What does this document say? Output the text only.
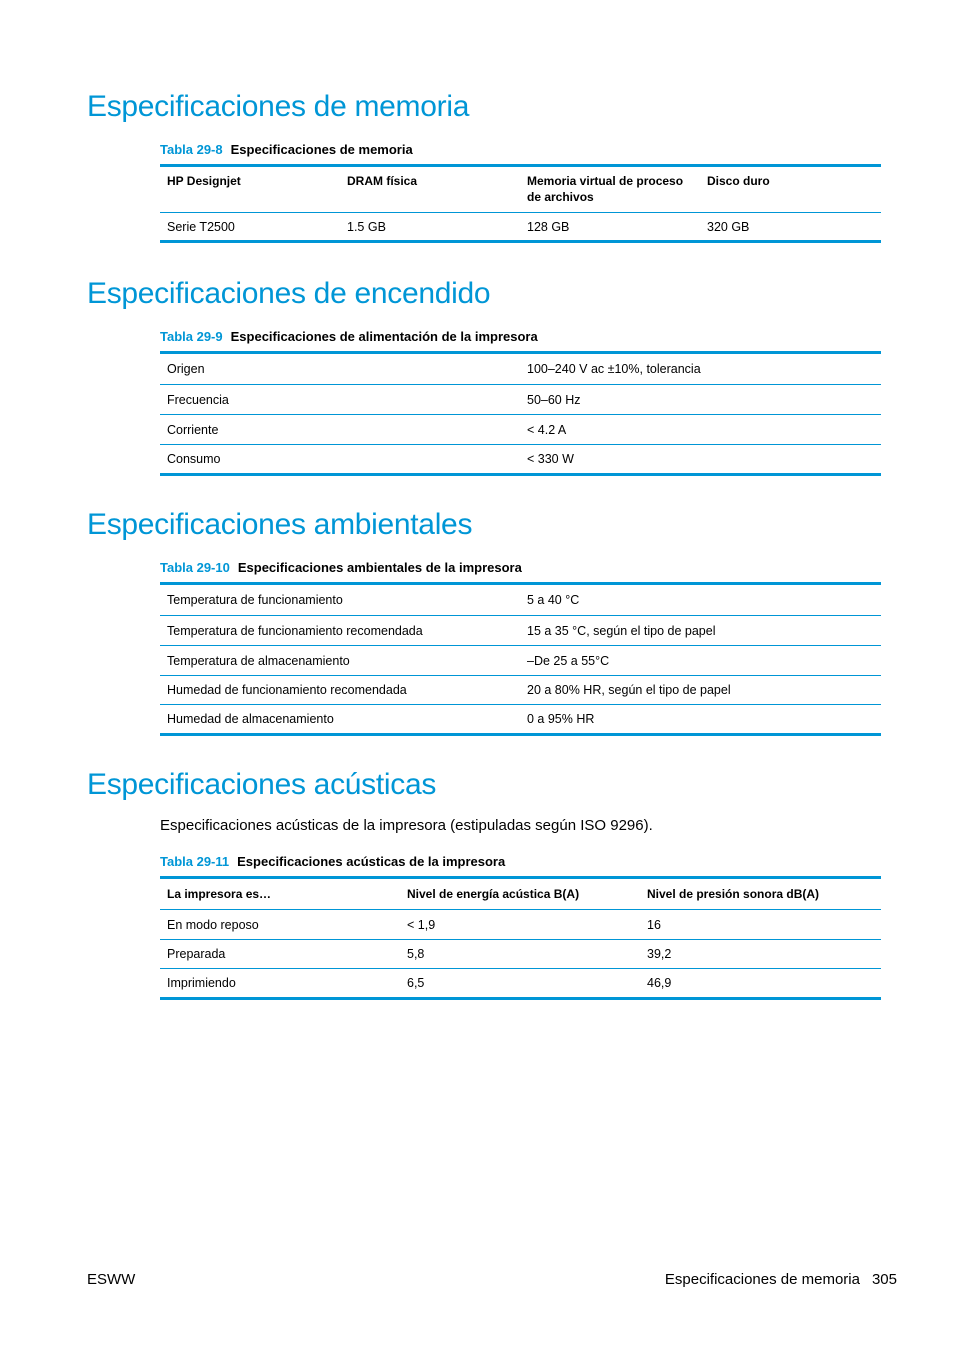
Especificaciones de memoria
Tabla 29-8 Especificaciones de memoria
HP Designjet	DRAM física	Memoria virtual de proceso de archivos	Disco duro
Serie T2500	1.5 GB	128 GB	320 GB
Especificaciones de encendido
Tabla 29-9 Especificaciones de alimentación de la impresora
Origen	100–240 V ac ±10%, tolerancia
Frecuencia	50–60 Hz
Corriente	< 4.2 A
Consumo	< 330 W
Especificaciones ambientales
Tabla 29-10 Especificaciones ambientales de la impresora
Temperatura de funcionamiento	5 a 40 °C
Temperatura de funcionamiento recomendada	15 a 35 °C, según el tipo de papel
Temperatura de almacenamiento	–De 25 a 55°C
Humedad de funcionamiento recomendada	20 a 80% HR, según el tipo de papel
Humedad de almacenamiento	0 a 95% HR
Especificaciones acústicas
Especificaciones acústicas de la impresora (estipuladas según ISO 9296).
Tabla 29-11 Especificaciones acústicas de la impresora
La impresora es…	Nivel de energía acústica B(A)	Nivel de presión sonora dB(A)
En modo reposo	< 1,9	16
Preparada	5,8	39,2
Imprimiendo	6,5	46,9
ESWW	Especificaciones de memoria 305
